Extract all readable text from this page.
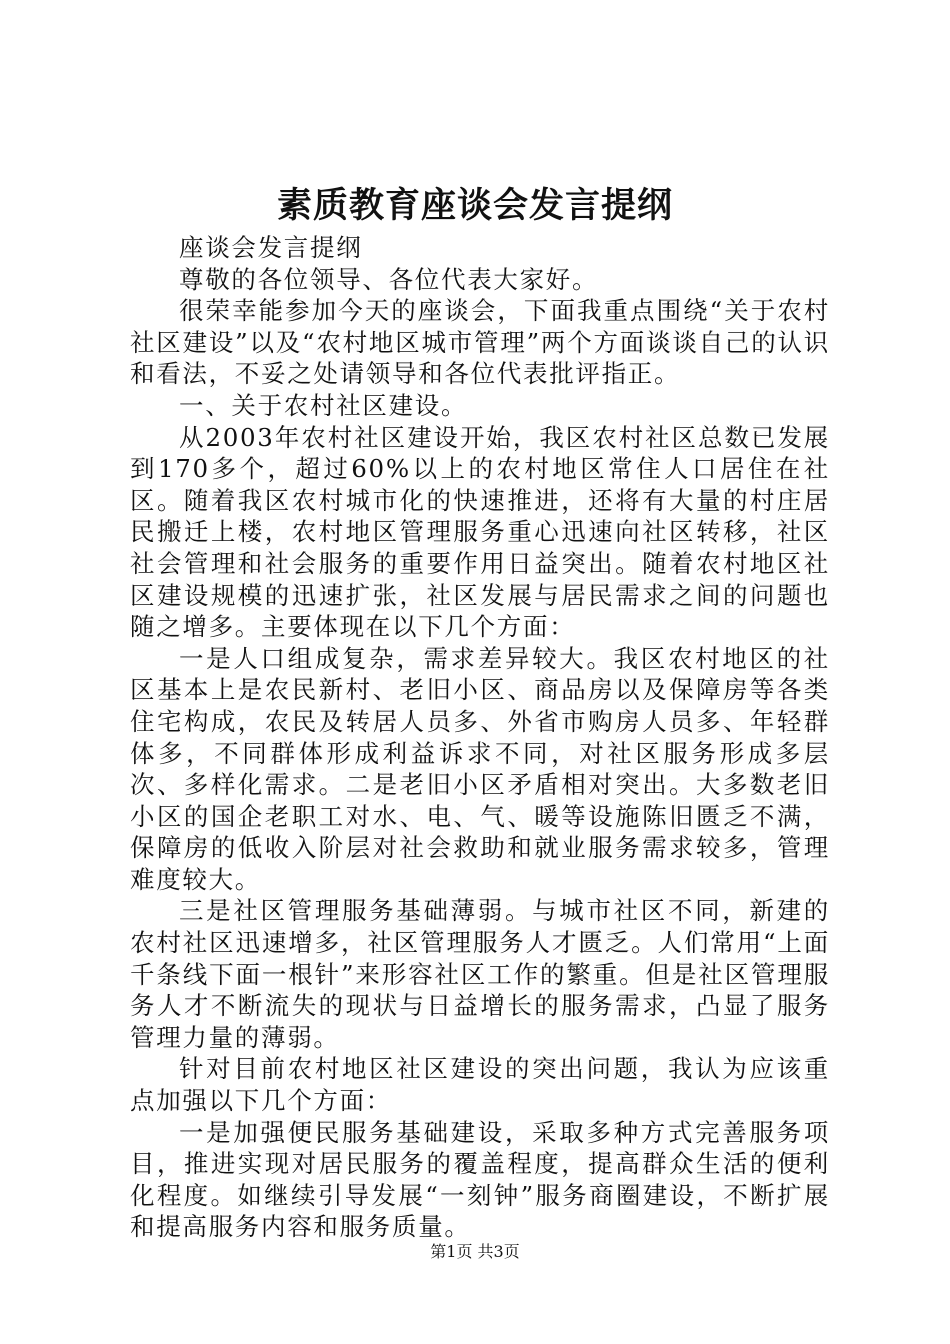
素质教育座谈会发言提纲

座谈会发言提纲

尊敬的各位领导、各位代表大家好。

很荣幸能参加今天的座谈会，下面我重点围绕“关于农村社区建设”以及“农村地区城市管理”两个方面谈谈自己的认识和看法，不妥之处请领导和各位代表批评指正。

一、关于农村社区建设。

从2003年农村社区建设开始，我区农村社区总数已发展到170多个，超过60%以上的农村地区常住人口居住在社区。随着我区农村城市化的快速推进，还将有大量的村庄居民搬迁上楼，农村地区管理服务重心迅速向社区转移，社区社会管理和社会服务的重要作用日益突出。随着农村地区社区建设规模的迅速扩张，社区发展与居民需求之间的问题也随之增多。主要体现在以下几个方面：

一是人口组成复杂，需求差异较大。我区农村地区的社区基本上是农民新村、老旧小区、商品房以及保障房等各类住宅构成，农民及转居人员多、外省市购房人员多、年轻群体多，不同群体形成利益诉求不同，对社区服务形成多层次、多样化需求。二是老旧小区矛盾相对突出。大多数老旧小区的国企老职工对水、电、气、暖等设施陈旧匮乏不满，保障房的低收入阶层对社会救助和就业服务需求较多，管理难度较大。

三是社区管理服务基础薄弱。与城市社区不同，新建的农村社区迅速增多，社区管理服务人才匮乏。人们常用“上面千条线下面一根针”来形容社区工作的繁重。但是社区管理服务人才不断流失的现状与日益增长的服务需求，凸显了服务管理力量的薄弱。

针对目前农村地区社区建设的突出问题，我认为应该重点加强以下几个方面：

一是加强便民服务基础建设，采取多种方式完善服务项目，推进实现对居民服务的覆盖程度，提高群众生活的便利化程度。如继续引导发展“一刻钟”服务商圈建设，不断扩展和提高服务内容和服务质量。

第1页 共3页
